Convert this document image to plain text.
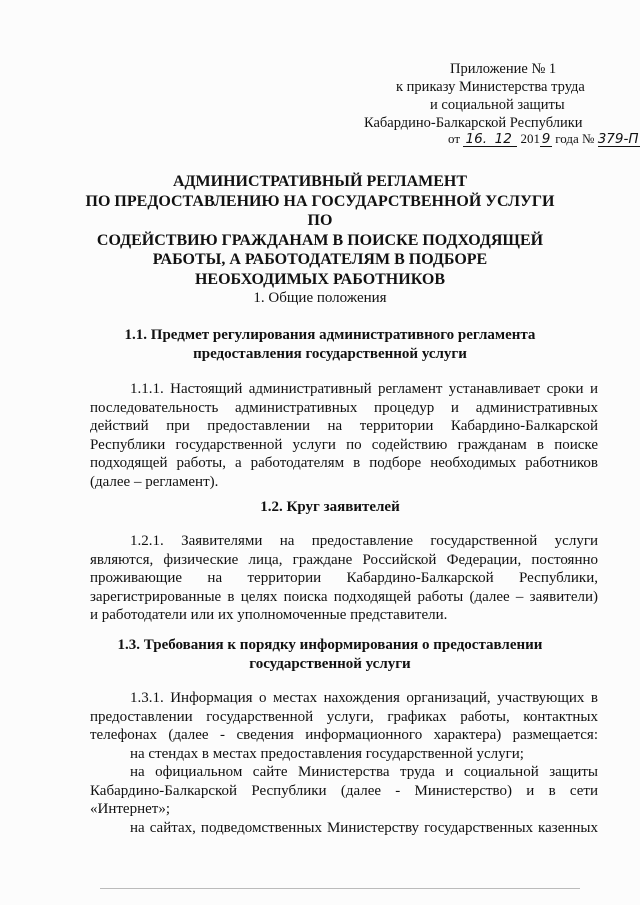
Приложение № 1
к приказу Министерства труда
и социальной защиты
Кабардино-Балкарской Республики
от 16. 12 201 9 года № 379-П
АДМИНИСТРАТИВНЫЙ РЕГЛАМЕНТ
ПО ПРЕДОСТАВЛЕНИЮ НА ГОСУДАРСТВЕННОЙ УСЛУГИ ПО
СОДЕЙСТВИЮ ГРАЖДАНАМ В ПОИСКЕ ПОДХОДЯЩЕЙ
РАБОТЫ, А РАБОТОДАТЕЛЯМ В ПОДБОРЕ
НЕОБХОДИМЫХ РАБОТНИКОВ
1. Общие положения
1.1. Предмет регулирования административного регламента
предоставления государственной услуги
1.1.1. Настоящий административный регламент устанавливает сроки и
последовательность административных процедур и административных
действий при предоставлении на территории Кабардино-Балкарской
Республики государственной услуги по содействию гражданам в поиске
подходящей работы, а работодателям в подборе необходимых работников
(далее – регламент).
1.2. Круг заявителей
1.2.1. Заявителями на предоставление государственной услуги
являются, физические лица, граждане Российской Федерации, постоянно
проживающие на территории Кабардино-Балкарской Республики,
зарегистрированные в целях поиска подходящей работы (далее – заявители)
и работодатели или их уполномоченные представители.
1.3. Требования к порядку информирования о предоставлении
государственной услуги
1.3.1. Информация о местах нахождения организаций, участвующих в
предоставлении государственной услуги, графиках работы, контактных
телефонах (далее - сведения информационного характера) размещается:
на стендах в местах предоставления государственной услуги;
на официальном сайте Министерства труда и социальной защиты
Кабардино-Балкарской Республики (далее - Министерство) и в сети
«Интернет»;
на сайтах, подведомственных Министерству государственных казенных
